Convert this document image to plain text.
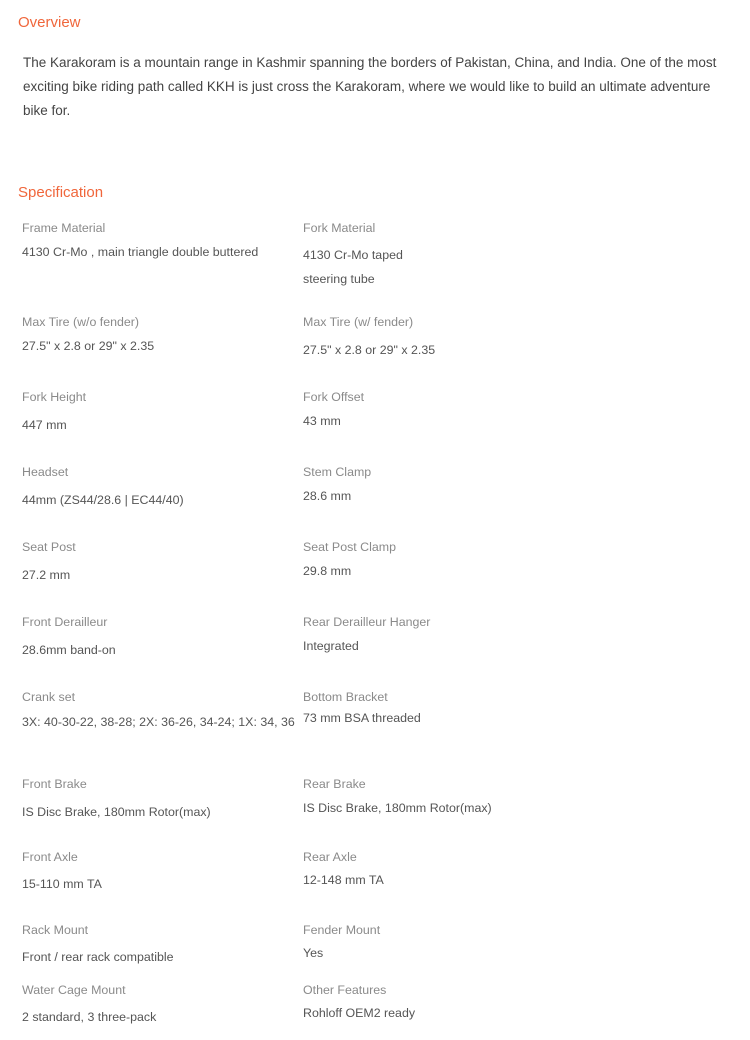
Overview

The Karakoram is a mountain range in Kashmir spanning the borders of Pakistan, China, and India. One of the most exciting bike riding path called KKH is just cross the Karakoram, where we would like to build an ultimate adventure bike for.

Specification
Frame Material
4130 Cr-Mo , main triangle double buttered
Fork Material
4130 Cr-Mo taped steering tube
Max Tire (w/o fender)
27.5" x 2.8 or 29" x 2.35
Max Tire (w/ fender)
27.5" x 2.8 or 29" x 2.35
Fork Height
447 mm
Fork Offset
43 mm
Headset
44mm (ZS44/28.6 | EC44/40)
Stem Clamp
28.6 mm
Seat Post
27.2 mm
Seat Post Clamp
29.8 mm
Front Derailleur
28.6mm band-on
Rear Derailleur Hanger
Integrated
Crank set
3X: 40-30-22, 38-28; 2X: 36-26, 34-24; 1X: 34, 36
Bottom Bracket
73 mm BSA threaded
Front Brake
IS Disc Brake, 180mm Rotor(max)
Rear Brake
IS Disc Brake, 180mm Rotor(max)
Front Axle
15-110 mm TA
Rear Axle
12-148 mm TA
Rack Mount
Front / rear rack compatible
Fender Mount
Yes
Water Cage Mount
2 standard, 3 three-pack
Other Features
Rohloff OEM2 ready
